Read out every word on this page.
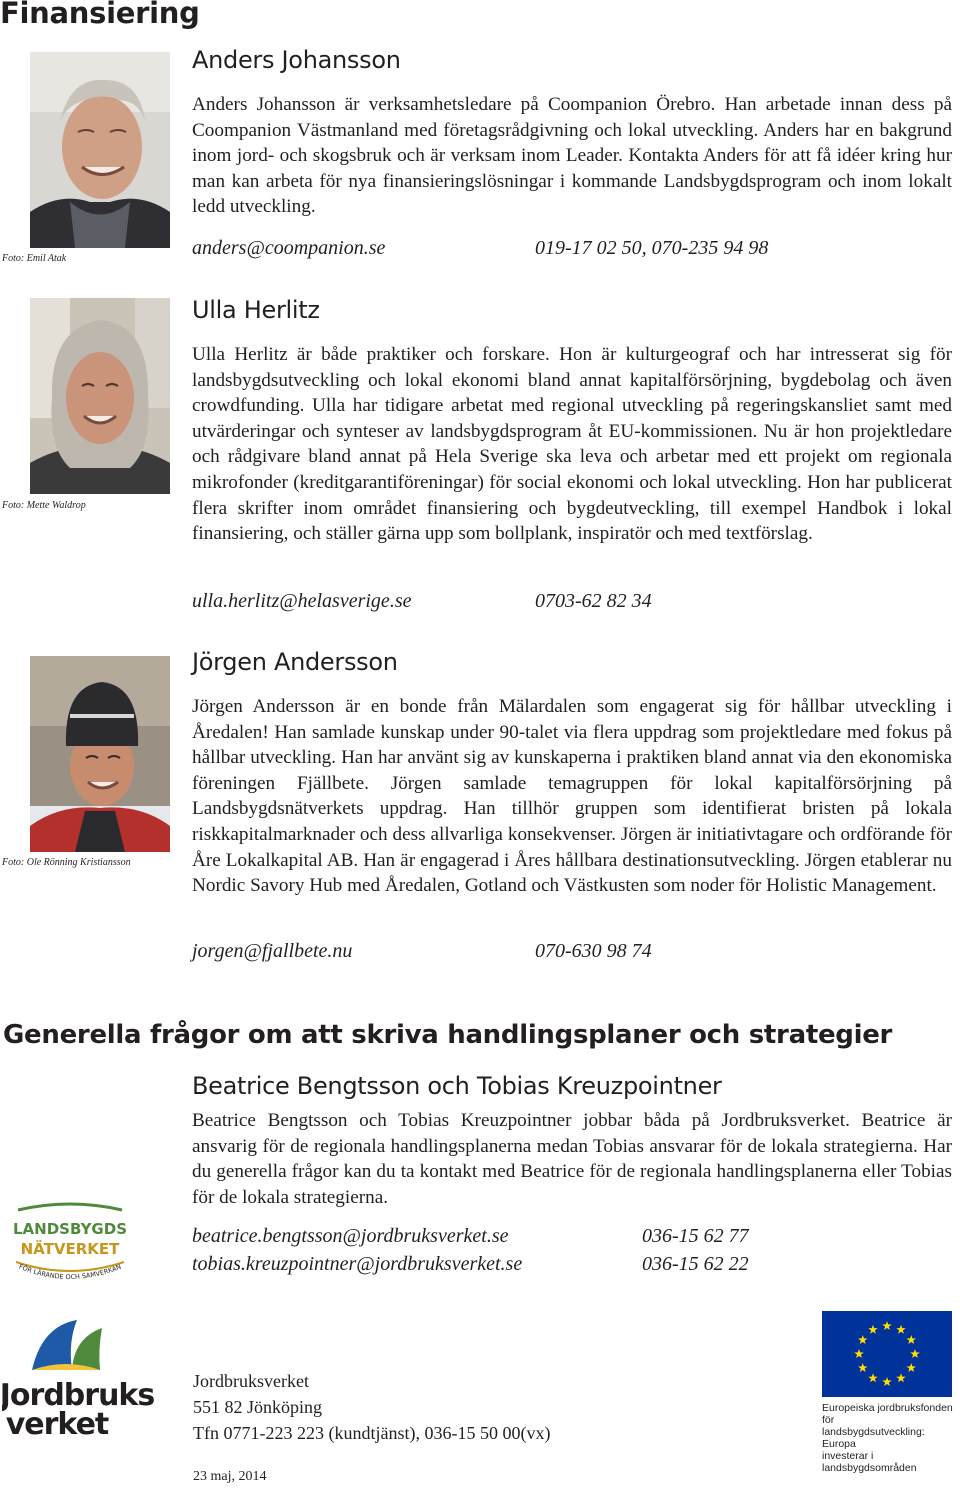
Finansiering
Foto: Emil Atak
Anders Johansson

Anders Johansson är verksamhetsledare på Coompanion Örebro. Han arbetade innan dess på Coompanion Västmanland med företagsrådgivning och lokal utveckling. Anders har en bakgrund inom jord- och skogsbruk och är verksam inom Leader. Kontakta Anders för att få idéer kring hur man kan arbeta för nya finansieringslösningar i kommande Landsbygdsprogram och inom lokalt ledd utveckling.

anders@coompanion.se	019-17 02 50, 070-235 94 98
Foto: Mette Waldrop
Ulla Herlitz

Ulla Herlitz är både praktiker och forskare. Hon är kulturgeograf och har intresserat sig för landsbygdsutveckling och lokal ekonomi bland annat kapitalförsörjning, bygdebolag och även crowdfunding. Ulla har tidigare arbetat med regional utveckling på regeringskansliet samt med utvärderingar och synteser av landsbygdsprogram åt EU-kommissionen. Nu är hon projektledare och rådgivare bland annat på Hela Sverige ska leva och arbetar med ett projekt om regionala mikrofonder (kreditgarantiföreningar) för social ekonomi och lokal utveckling. Hon har publicerat flera skrifter inom området finansiering och bygdeutveckling, till exempel Handbok i lokal finansiering, och ställer gärna upp som bollplank, inspiratör och med textförslag.

ulla.herlitz@helasverige.se	0703-62 82 34
Foto: Ole Rönning Kristiansson
Jörgen Andersson

Jörgen Andersson är en bonde från Mälardalen som engagerat sig för hållbar utveckling i Åredalen! Han samlade kunskap under 90-talet via flera uppdrag som projektledare med fokus på hållbar utveckling. Han har använt sig av kunskaperna i praktiken bland annat via den ekonomiska föreningen Fjällbete. Jörgen samlade temagruppen för lokal kapitalförsörjning på Landsbygdsnätverkets uppdrag. Han tillhör gruppen som identifierat bristen på lokala riskkapitalmarknader och dess allvarliga konsekvenser. Jörgen är initiativtagare och ordförande för Åre Lokalkapital AB. Han är engagerad i Åres hållbara destinationsutveckling. Jörgen etablerar nu Nordic Savory Hub med Åredalen, Gotland och Västkusten som noder för Holistic Management.

jorgen@fjallbete.nu	070-630 98 74
Generella frågor om att skriva handlingsplaner och strategier
Beatrice Bengtsson och Tobias Kreuzpointner

Beatrice Bengtsson och Tobias Kreuzpointner jobbar båda på Jordbruksverket. Beatrice är ansvarig för de regionala handlingsplanerna medan Tobias ansvarar för de lokala strategierna. Har du generella frågor kan du ta kontakt med Beatrice för de regionala handlingsplanerna eller Tobias för de lokala strategierna.

beatrice.bengtsson@jordbruksverket.se	036-15 62 77
tobias.kreuzpointner@jordbruksverket.se	036-15 62 22
LANDSBYGDS
NÄTVERKET
FÖR LÄRANDE OCH SAMVERKAN
Jordbruks
verket
Jordbruksverket
551 82 Jönköping
Tfn 0771-223 223 (kundtjänst), 036-15 50 00(vx)
23 maj, 2014
Europeiska jordbruksfonden för
landsbygdsutveckling: Europa
investerar i landsbygdsområden
